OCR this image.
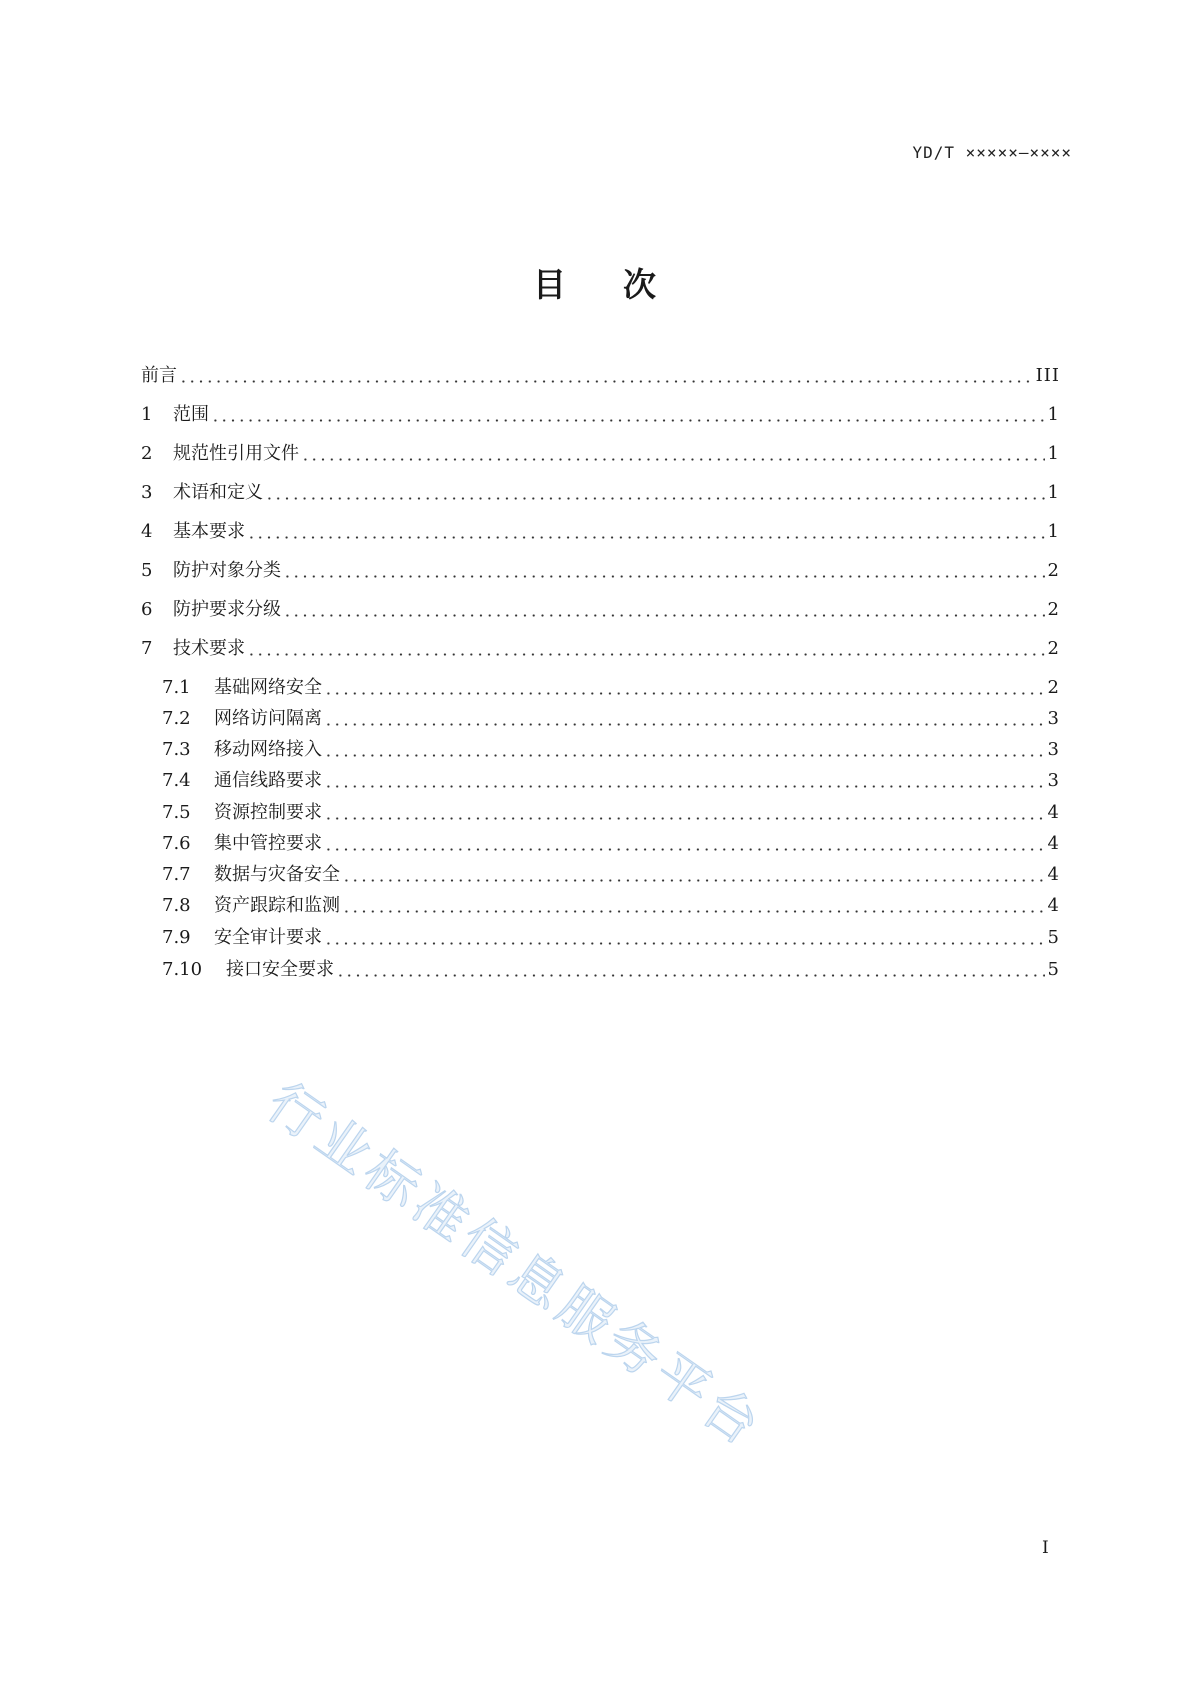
YD/T ×××××—××××
目 次
前言	III
1	范围	1
2	规范性引用文件	1
3	术语和定义	1
4	基本要求	1
5	防护对象分类	2
6	防护要求分级	2
7	技术要求	2
7.1	基础网络安全	2
7.2	网络访问隔离	3
7.3	移动网络接入	3
7.4	通信线路要求	3
7.5	资源控制要求	4
7.6	集中管控要求	4
7.7	数据与灾备安全	4
7.8	资产跟踪和监测	4
7.9	安全审计要求	5
7.10	接口安全要求	5
行业标准信息服务平台
I
